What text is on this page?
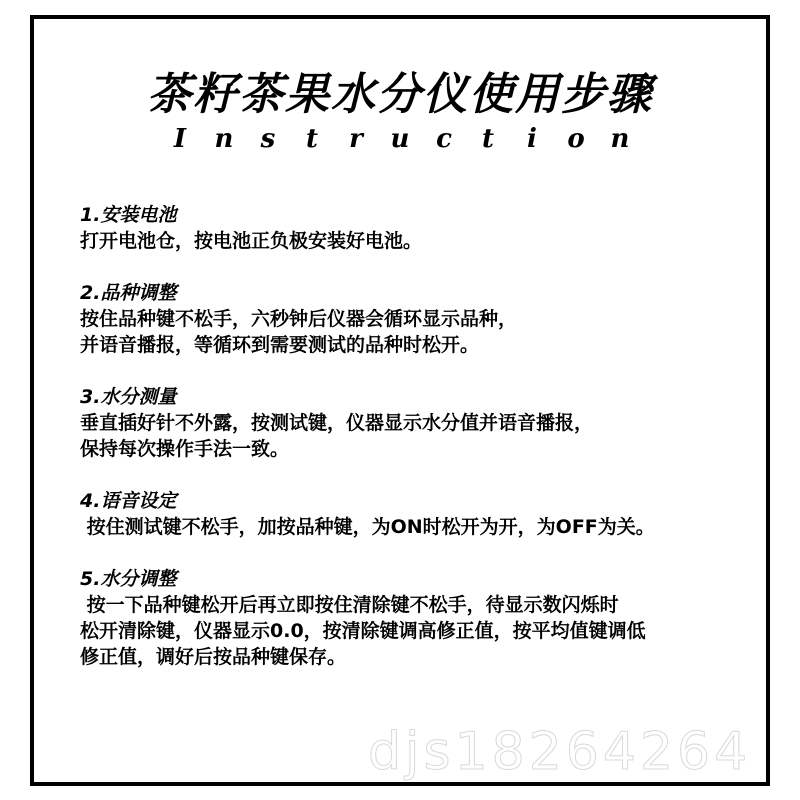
茶籽茶果水分仪使用步骤
I n s t r u c t i o n
1.安装电池
打开电池仓，按电池正负极安装好电池。
2.品种调整
按住品种键不松手，六秒钟后仪器会循环显示品种，
并语音播报，等循环到需要测试的品种时松开。
3.水分测量
垂直插好针不外露，按测试键，仪器显示水分值并语音播报，
保持每次操作手法一致。
4.语音设定
按住测试键不松手，加按品种键，为ON时松开为开，为OFF为关。
5.水分调整
按一下品种键松开后再立即按住清除键不松手，待显示数闪烁时
松开清除键，仪器显示0.0，按清除键调高修正值，按平均值键调低
修正值，调好后按品种键保存。
djs18264264
